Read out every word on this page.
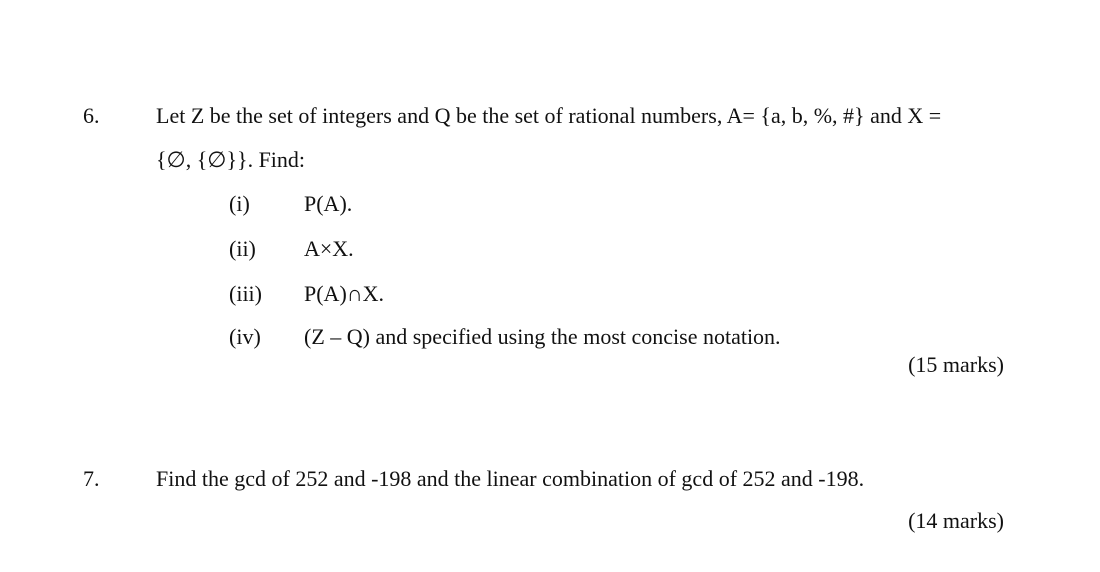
6.	Let Z be the set of integers and Q be the set of rational numbers, A= {a, b, %, #} and X =
{∅, {∅}}. Find:
(i) P(A).
(ii) A×X.
(iii) P(A)∩X.
(iv) (Z – Q) and specified using the most concise notation.
(15 marks)
7.	Find the gcd of 252 and -198 and the linear combination of gcd of 252 and -198.
(14 marks)
